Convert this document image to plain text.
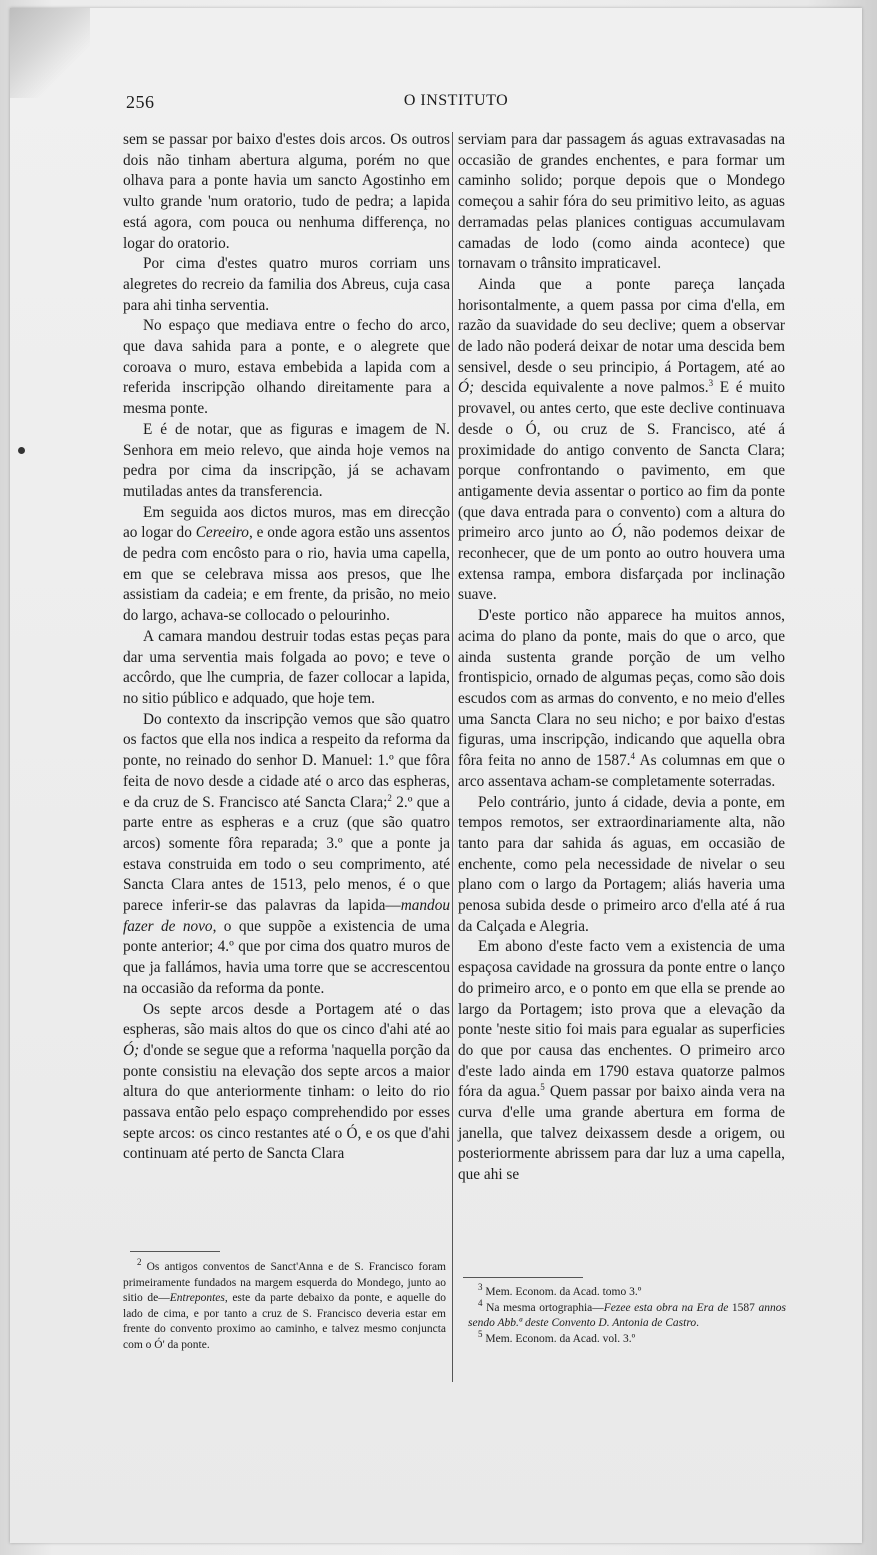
256	O INSTITUTO

sem se passar por baixo d'estes dois arcos. Os outros dois não tinham abertura alguma, porém no que olhava para a ponte havia um sancto Agostinho em vulto grande 'num oratorio, tudo de pedra; a lapida está agora, com pouca ou nenhuma differença, no logar do oratorio.

Por cima d'estes quatro muros corriam uns alegretes do recreio da familia dos Abreus, cuja casa para ahi tinha serventia.

No espaço que mediava entre o fecho do arco, que dava sahida para a ponte, e o alegrete que coroava o muro, estava embebida a lapida com a referida inscripção olhando direitamente para a mesma ponte.

E é de notar, que as figuras e imagem de N. Senhora em meio relevo, que ainda hoje vemos na pedra por cima da inscripção, já se achavam mutiladas antes da transferencia.

Em seguida aos dictos muros, mas em direcção ao logar do Cereeiro, e onde agora estão uns assentos de pedra com encôsto para o rio, havia uma capella, em que se celebrava missa aos presos, que lhe assistiam da cadeia; e em frente, da prisão, no meio do largo, achava-se collocado o pelourinho.

A camara mandou destruir todas estas peças para dar uma serventia mais folgada ao povo; e teve o accôrdo, que lhe cumpria, de fazer collocar a lapida, no sitio público e adquado, que hoje tem.

Do contexto da inscripção vemos que são quatro os factos que ella nos indica a respeito da reforma da ponte, no reinado do senhor D. Manuel: 1.º que fôra feita de novo desde a cidade até o arco das espheras, e da cruz de S. Francisco até Sancta Clara;$^2$ 2.º que a parte entre as espheras e a cruz (que são quatro arcos) somente fôra reparada; 3.º que a ponte ja estava construida em todo o seu comprimento, até Sancta Clara antes de 1513, pelo menos, é o que parece inferir-se das palavras da lapida—mandou fazer de novo, o que suppõe a existencia de uma ponte anterior; 4.º que por cima dos quatro muros de que ja fallámos, havia uma torre que se accrescentou na occasião da reforma da ponte.

Os septe arcos desde a Portagem até o das espheras, são mais altos do que os cinco d'ahi até ao Ó; d'onde se segue que a reforma 'naquella porção da ponte consistiu na elevação dos septe arcos a maior altura do que anteriormente tinham: o leito do rio passava então pelo espaço comprehendido por esses septe arcos: os cinco restantes até o Ó, e os que d'ahi continuam até perto de Sancta Clara

serviam para dar passagem ás aguas extravasadas na occasião de grandes enchentes, e para formar um caminho solido; porque depois que o Mondego começou a sahir fóra do seu primitivo leito, as aguas derramadas pelas planices contiguas accumulavam camadas de lodo (como ainda acontece) que tornavam o trânsito impraticavel.

Ainda que a ponte pareça lançada horisontalmente, a quem passa por cima d'ella, em razão da suavidade do seu declive; quem a observar de lado não poderá deixar de notar uma descida bem sensivel, desde o seu principio, á Portagem, até ao Ó; descida equivalente a nove palmos.$^3$ E é muito provavel, ou antes certo, que este declive continuava desde o Ó, ou cruz de S. Francisco, até á proximidade do antigo convento de Sancta Clara; porque confrontando o pavimento, em que antigamente devia assentar o portico ao fim da ponte (que dava entrada para o convento) com a altura do primeiro arco junto ao Ó, não podemos deixar de reconhecer, que de um ponto ao outro houvera uma extensa rampa, embora disfarçada por inclinação suave.

D'este portico não apparece ha muitos annos, acima do plano da ponte, mais do que o arco, que ainda sustenta grande porção de um velho frontispicio, ornado de algumas peças, como são dois escudos com as armas do convento, e no meio d'elles uma Sancta Clara no seu nicho; e por baixo d'estas figuras, uma inscripção, indicando que aquella obra fôra feita no anno de 1587.$^4$ As columnas em que o arco assentava acham-se completamente soterradas.

Pelo contrário, junto á cidade, devia a ponte, em tempos remotos, ser extraordinariamente alta, não tanto para dar sahida ás aguas, em occasião de enchente, como pela necessidade de nivelar o seu plano com o largo da Portagem; aliás haveria uma penosa subida desde o primeiro arco d'ella até á rua da Calçada e Alegria.

Em abono d'este facto vem a existencia de uma espaçosa cavidade na grossura da ponte entre o lanço do primeiro arco, e o ponto em que ella se prende ao largo da Portagem; isto prova que a elevação da ponte 'neste sitio foi mais para egualar as superficies do que por causa das enchentes. O primeiro arco d'este lado ainda em 1790 estava quatorze palmos fóra da agua.$^5$ Quem passar por baixo ainda vera na curva d'elle uma grande abertura em forma de janella, que talvez deixassem desde a origem, ou posteriormente abrissem para dar luz a uma capella, que ahi se

$^2$ Os antigos conventos de Sanct'Anna e de S. Francisco foram primeiramente fundados na margem esquerda do Mondego, junto ao sitio de—Entrepontes, este da parte debaixo da ponte, e aquelle do lado de cima, e por tanto a cruz de S. Francisco deveria estar em frente do convento proximo ao caminho, e talvez mesmo conjuncta com o Ó' da ponte.

$^3$ Mem. Econom. da Acad. tomo 3.º

$^4$ Na mesma ortographia—Fezee esta obra na Era de 1587 annos sendo Abb.ª deste Convento D. Antonia de Castro.

$^5$ Mem. Econom. da Acad. vol. 3.º
